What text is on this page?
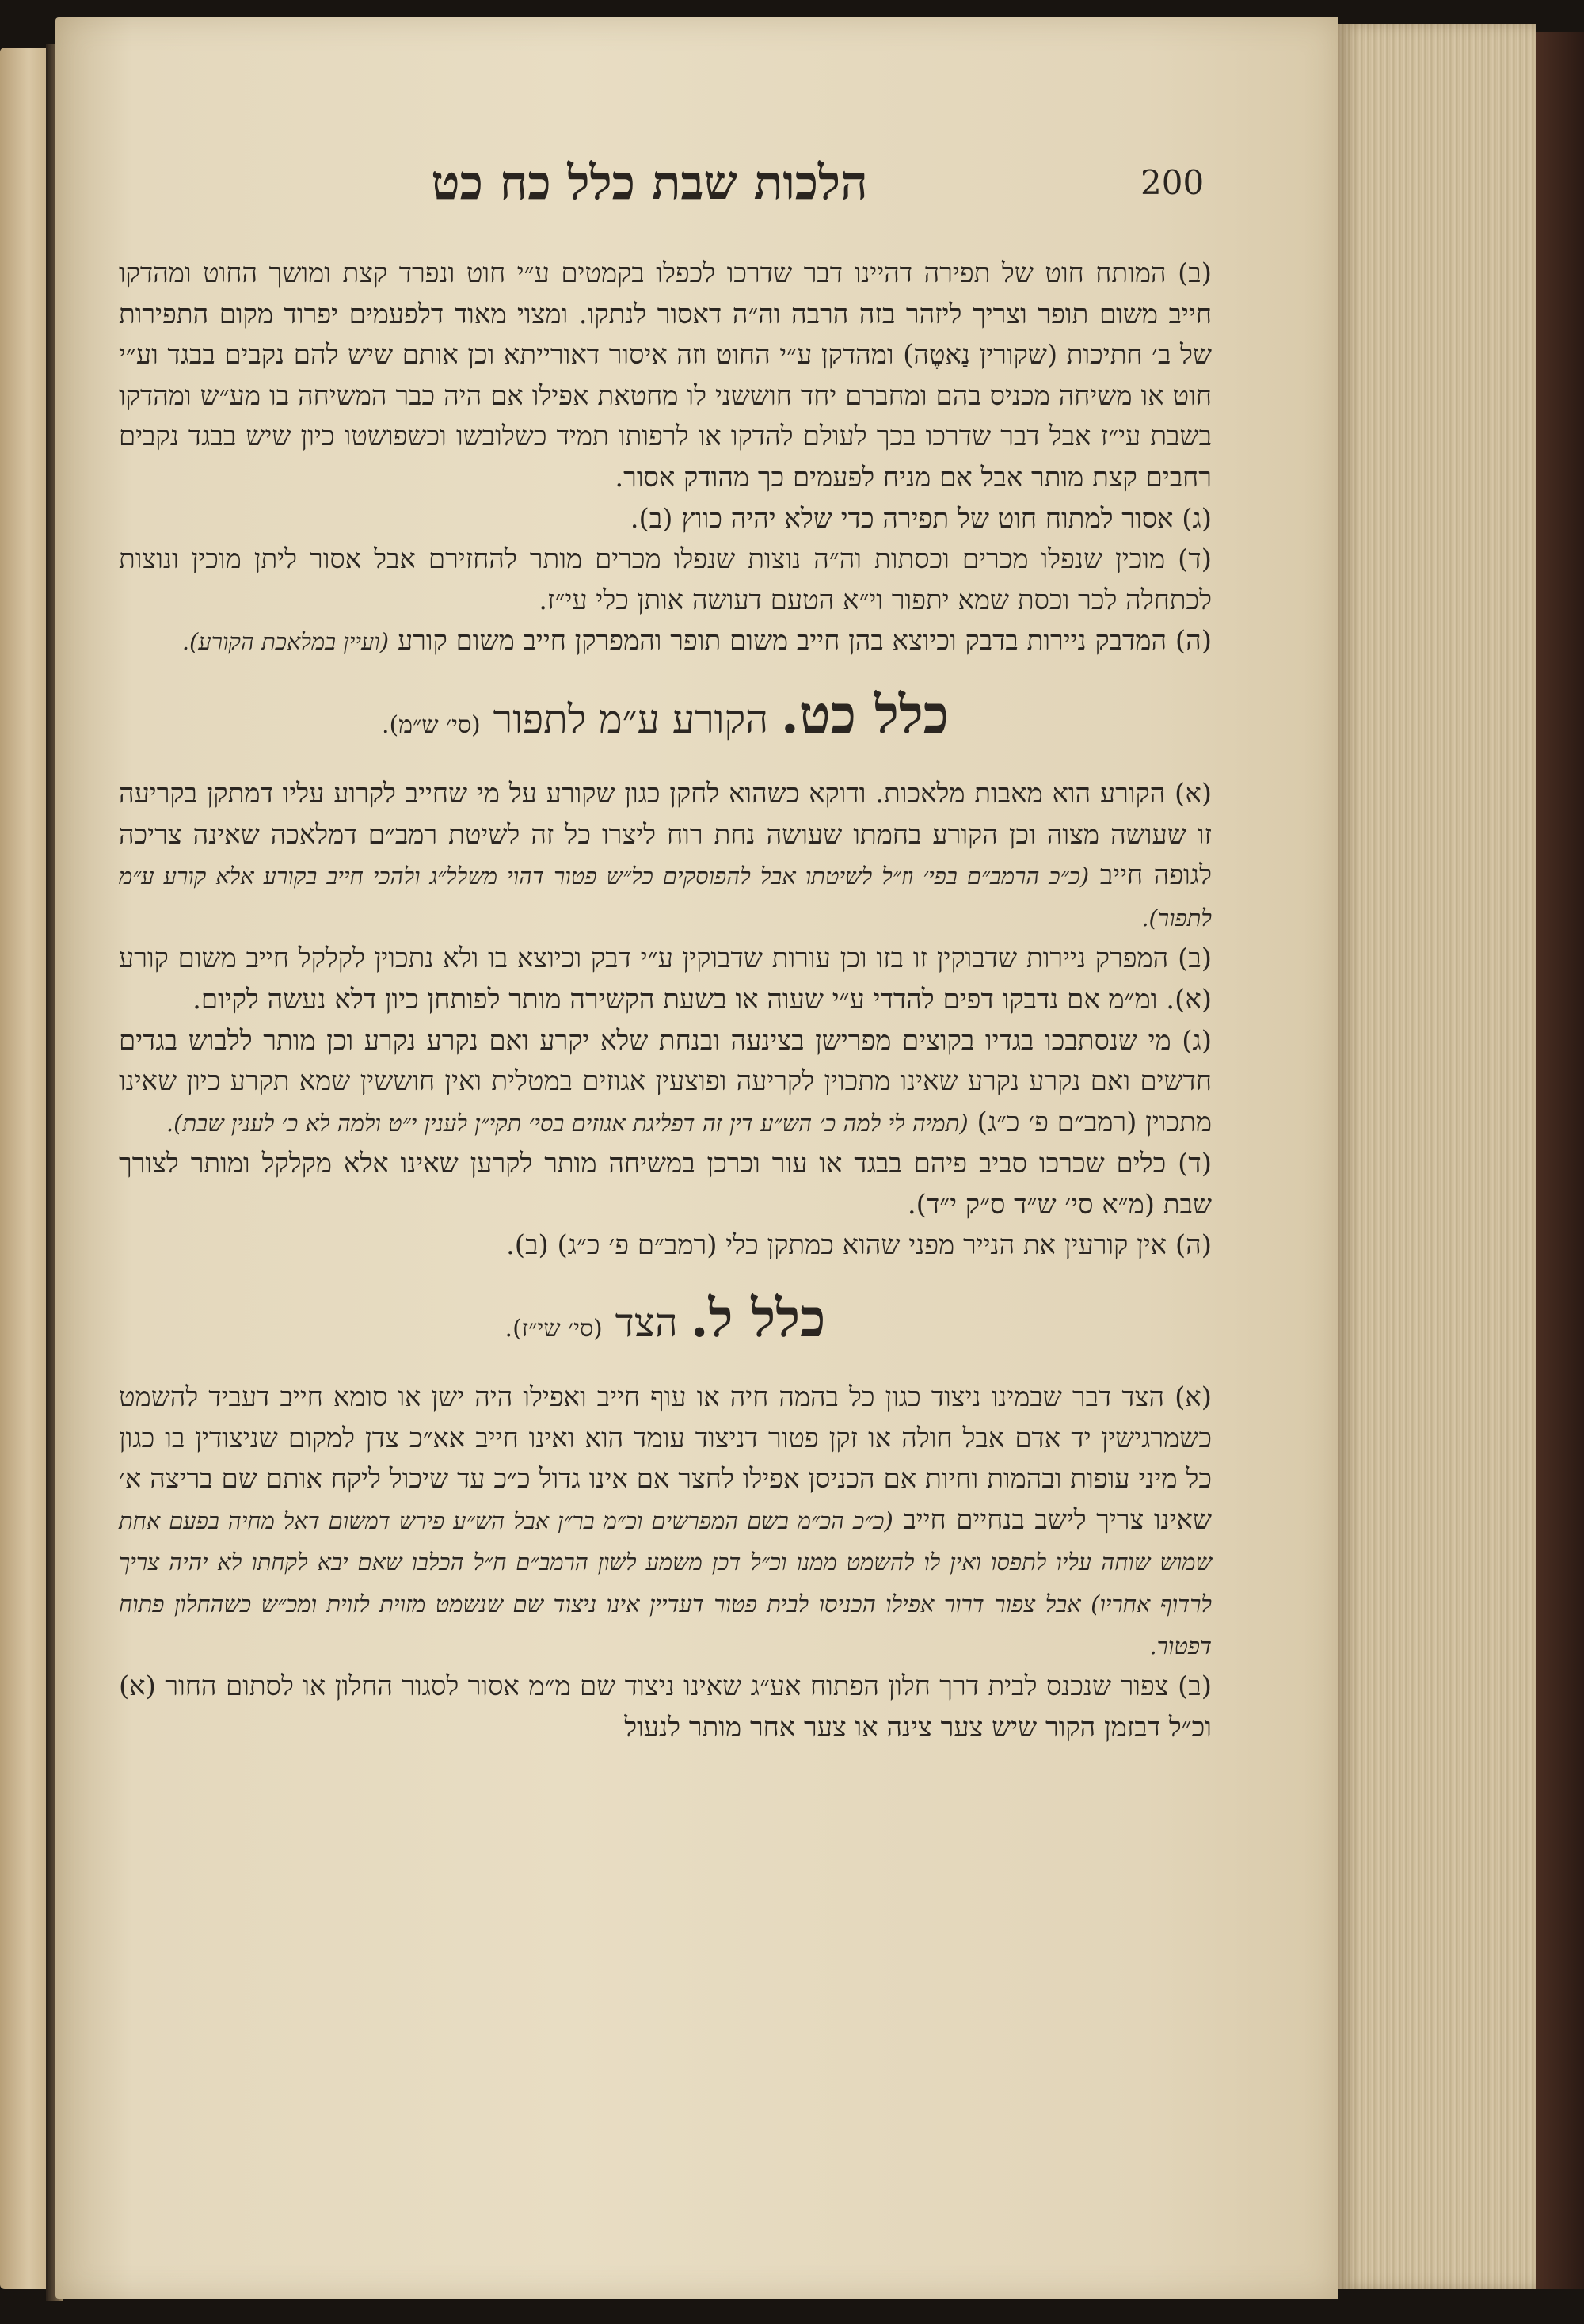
200
הלכות שבת כלל כח כט

(ב) המותח חוט של תפירה דהיינו דבר שדרכו לכפלו בקמטים ע״י חוט ונפרד קצת ומושך החוט ומהדקו חייב משום תופר וצריך ליזהר בזה הרבה וה״ה דאסור לנתקו. ומצוי מאוד דלפעמים יפרוד מקום התפירות של ב׳ חתיכות (שקורין נַאטֶה) ומהדקן ע״י החוט וזה איסור דאורייתא וכן אותם שיש להם נקבים בבגד וע״י חוט או משיחה מכניס בהם ומחברם יחד חוששני לו מחטאת אפילו אם היה כבר המשיחה בו מע״ש ומהדקו בשבת עי״ז אבל דבר שדרכו בכך לעולם להדקו או לרפותו תמיד כשלובשו וכשפושטו כיון שיש בבגד נקבים רחבים קצת מותר אבל אם מניח לפעמים כך מהודק אסור.

(ג) אסור למתוח חוט של תפירה כדי שלא יהיה כווץ (ב).

(ד) מוכין שנפלו מכרים וכסתות וה״ה נוצות שנפלו מכרים מותר להחזירם אבל אסור ליתן מוכין ונוצות לכתחלה לכר וכסת שמא יתפור וי״א הטעם דעושה אותן כלי עי״ז.

(ה) המדבק ניירות בדבק וכיוצא בהן חייב משום תופר והמפרקן חייב משום קורע (ועיין במלאכת הקורע).

כלל כט. הקורע ע״מ לתפור (סי׳ ש״מ).

(א) הקורע הוא מאבות מלאכות. ודוקא כשהוא לחקן כגון שקורע על מי שחייב לקרוע עליו דמתקן בקריעה זו שעושה מצוה וכן הקורע בחמתו שעושה נחת רוח ליצרו כל זה לשיטת רמב״ם דמלאכה שאינה צריכה לגופה חייב (כ״כ הרמב״ם בפי׳ וז״ל לשיטתו אבל להפוסקים כל״ש פטור דהוי משלל״ג ולהכי חייב בקורע אלא קורע ע״מ לתפור).

(ב) המפרק ניירות שדבוקין זו בזו וכן עורות שדבוקין ע״י דבק וכיוצא בו ולא נתכוין לקלקל חייב משום קורע (א). ומ״מ אם נדבקו דפים להדדי ע״י שעוה או בשעת הקשירה מותר לפותחן כיון דלא נעשה לקיום.

(ג) מי שנסתבכו בגדיו בקוצים מפרישן בצינעה ובנחת שלא יקרע ואם נקרע נקרע וכן מותר ללבוש בגדים חדשים ואם נקרע נקרע שאינו מתכוין לקריעה ופוצעין אגוזים במטלית ואין חוששין שמא תקרע כיון שאינו מתכוין (רמב״ם פ׳ כ״ג) (תמיה לי למה כ׳ הש״ע דין זה דפליגת אגוזים בסי׳ תקי״ן לענין י״ט ולמה לא כ׳ לענין שבת).

(ד) כלים שכרכו סביב פיהם בבגד או עור וכרכן במשיחה מותר לקרען שאינו אלא מקלקל ומותר לצורך שבת (מ״א סי׳ ש״ד ס״ק י״ד).

(ה) אין קורעין את הנייר מפני שהוא כמתקן כלי (רמב״ם פ׳ כ״ג) (ב).

כלל ל. הצד (סי׳ שי״ז).

(א) הצד דבר שבמינו ניצוד כגון כל בהמה חיה או עוף חייב ואפילו היה ישן או סומא חייב דעביד להשמט כשמרגישין יד אדם אבל חולה או זקן פטור דניצוד עומד הוא ואינו חייב אא״כ צדן למקום שניצודין בו כגון כל מיני עופות ובהמות וחיות אם הכניסן אפילו לחצר אם אינו גדול כ״כ עד שיכול ליקח אותם שם בריצה א׳ שאינו צריך לישב בנחיים חייב (כ״כ הכ״מ בשם המפרשים וכ״מ בר״ן אבל הש״ע פירש דמשום דאל מחיה בפעם אחת שמוש שוחה עליו לתפסו ואין לו להשמט ממנו וכ״ל דכן משמע לשון הרמב״ם ח״ל הכלבו שאם יבא לקחתו לא יהיה צריך לרדוף אחריו) אבל צפור דרור אפילו הכניסו לבית פטור דעדיין אינו ניצוד שם שנשמט מזוית לזוית ומכ״ש כשהחלון פתוח דפטור.

(ב) צפור שנכנס לבית דרך חלון הפתוח אע״ג שאינו ניצוד שם מ״מ אסור לסגור החלון או לסתום החור (א) וכ״ל דבזמן הקור שיש צער צינה או צער אחר מותר לנעול
